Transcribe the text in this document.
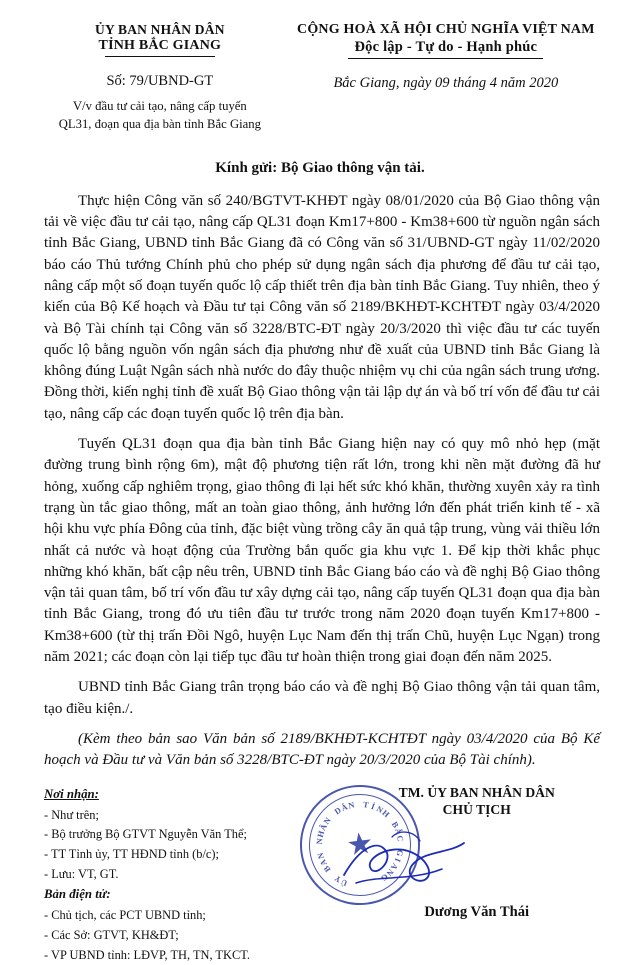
ỦY BAN NHÂN DÂN
TỈNH BẮC GIANG
CỘNG HOÀ XÃ HỘI CHỦ NGHĨA VIỆT NAM
Độc lập - Tự do - Hạnh phúc
Số: 79/UBND-GT
V/v đầu tư cải tạo, nâng cấp tuyến
QL31, đoạn qua địa bàn tỉnh Bắc Giang
Bắc Giang, ngày 09 tháng 4 năm 2020
Kính gửi: Bộ Giao thông vận tải.

Thực hiện Công văn số 240/BGTVT-KHĐT ngày 08/01/2020 của Bộ Giao thông vận tải về việc đầu tư cải tạo, nâng cấp QL31 đoạn Km17+800 - Km38+600 từ nguồn ngân sách tỉnh Bắc Giang, UBND tỉnh Bắc Giang đã có Công văn số 31/UBND-GT ngày 11/02/2020 báo cáo Thủ tướng Chính phủ cho phép sử dụng ngân sách địa phương để đầu tư cải tạo, nâng cấp một số đoạn tuyến quốc lộ cấp thiết trên địa bàn tỉnh Bắc Giang. Tuy nhiên, theo ý kiến của Bộ Kế hoạch và Đầu tư tại Công văn số 2189/BKHĐT-KCHTĐT ngày 03/4/2020 và Bộ Tài chính tại Công văn số 3228/BTC-ĐT ngày 20/3/2020 thì việc đầu tư các tuyến quốc lộ bằng nguồn vốn ngân sách địa phương như đề xuất của UBND tỉnh Bắc Giang là không đúng Luật Ngân sách nhà nước do đây thuộc nhiệm vụ chi của ngân sách trung ương. Đồng thời, kiến nghị tỉnh đề xuất Bộ Giao thông vận tải lập dự án và bố trí vốn để đầu tư cải tạo, nâng cấp các đoạn tuyến quốc lộ trên địa bàn.

Tuyến QL31 đoạn qua địa bàn tỉnh Bắc Giang hiện nay có quy mô nhỏ hẹp (mặt đường trung bình rộng 6m), mật độ phương tiện rất lớn, trong khi nền mặt đường đã hư hỏng, xuống cấp nghiêm trọng, giao thông đi lại hết sức khó khăn, thường xuyên xảy ra tình trạng ùn tắc giao thông, mất an toàn giao thông, ảnh hưởng lớn đến phát triển kinh tế - xã hội khu vực phía Đông của tỉnh, đặc biệt vùng trồng cây ăn quả tập trung, vùng vải thiều lớn nhất cả nước và hoạt động của Trường bắn quốc gia khu vực 1. Để kịp thời khắc phục những khó khăn, bất cập nêu trên, UBND tỉnh Bắc Giang báo cáo và đề nghị Bộ Giao thông vận tải quan tâm, bố trí vốn đầu tư xây dựng cải tạo, nâng cấp tuyến QL31 đoạn qua địa bàn tỉnh Bắc Giang, trong đó ưu tiên đầu tư trước trong năm 2020 đoạn tuyến Km17+800 - Km38+600 (từ thị trấn Đồi Ngô, huyện Lục Nam đến thị trấn Chũ, huyện Lục Ngạn) trong năm 2021; các đoạn còn lại tiếp tục đầu tư hoàn thiện trong giai đoạn đến năm 2025.

UBND tỉnh Bắc Giang trân trọng báo cáo và đề nghị Bộ Giao thông vận tải quan tâm, tạo điều kiện./.

(Kèm theo bản sao Văn bản số 2189/BKHĐT-KCHTĐT ngày 03/4/2020 của Bộ Kế hoạch và Đầu tư và Văn bản số 3228/BTC-ĐT ngày 20/3/2020 của Bộ Tài chính).

Nơi nhận:
- Như trên;
- Bộ trưởng Bộ GTVT Nguyễn Văn Thể;
- TT Tỉnh ủy, TT HĐND tỉnh (b/c);
- Lưu: VT, GT.
Bản điện tử:
- Chủ tịch, các PCT UBND tỉnh;
- Các Sở: GTVT, KH&ĐT;
- VP UBND tỉnh: LĐVP, TH, TN, TKCT.
TM. ỦY BAN NHÂN DÂN
CHỦ TỊCH
Dương Văn Thái
★
Ủ
Y

B
A
N

N
H
Â
N

D
Â
N
T Ỉ
N
H

B
Ắ
C

G
I
A
N
G
